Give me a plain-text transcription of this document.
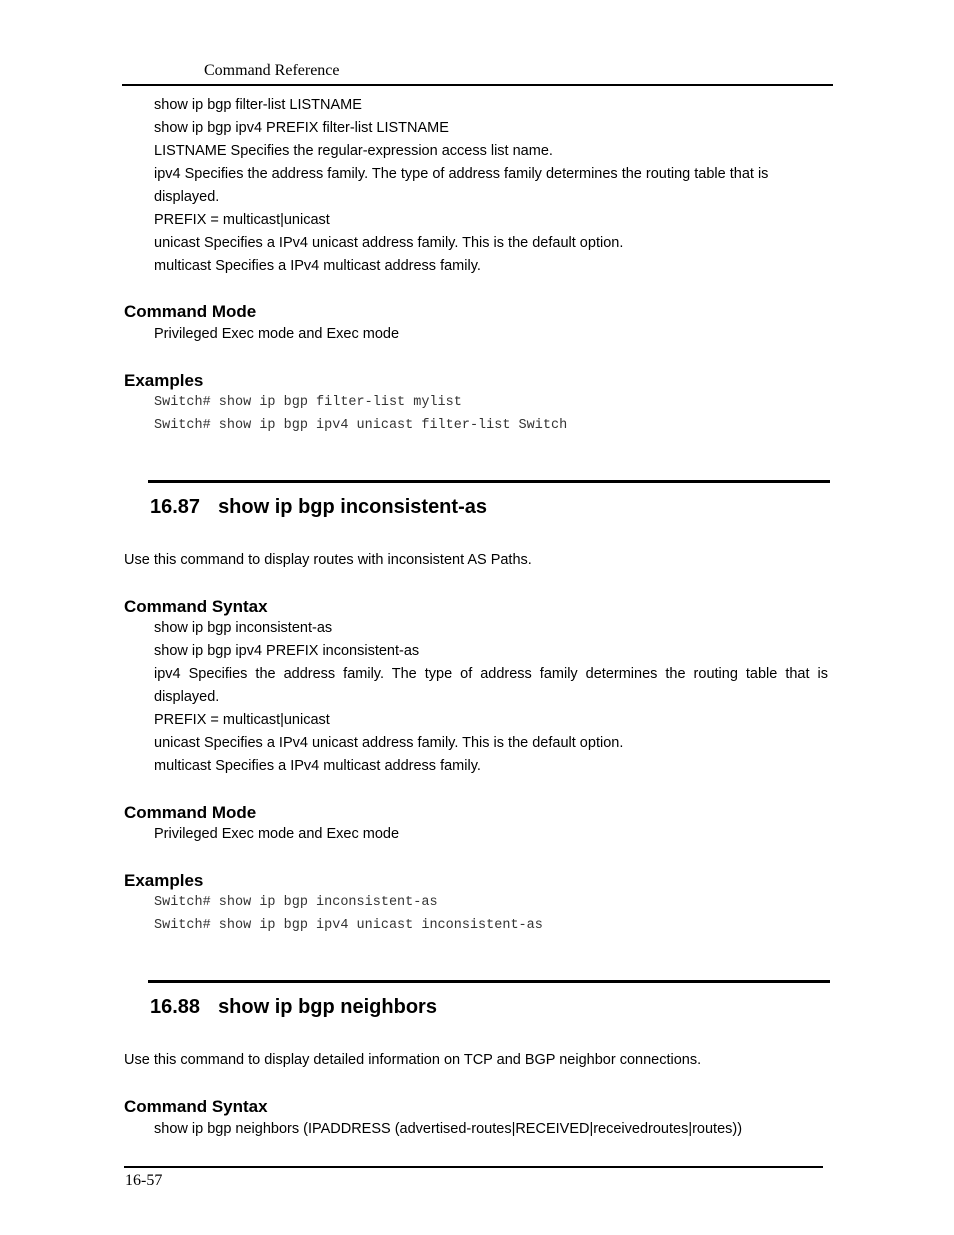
Command Reference
show ip bgp filter-list LISTNAME
show ip bgp ipv4 PREFIX filter-list LISTNAME
LISTNAME Specifies the regular-expression access list name.
ipv4 Specifies the address family. The type of address family determines the routing table that is
displayed.
PREFIX = multicast|unicast
unicast Specifies a IPv4 unicast address family. This is the default option.
multicast Specifies a IPv4 multicast address family.
Command Mode
Privileged Exec mode and Exec mode
Examples
Switch# show ip bgp filter-list mylist
Switch# show ip bgp ipv4 unicast filter-list Switch
16.87 show ip bgp inconsistent-as
Use this command to display routes with inconsistent AS Paths.
Command Syntax
show ip bgp inconsistent-as
show ip bgp ipv4 PREFIX inconsistent-as
ipv4 Specifies the address family. The type of address family determines the routing table that is
displayed.
PREFIX = multicast|unicast
unicast Specifies a IPv4 unicast address family. This is the default option.
multicast Specifies a IPv4 multicast address family.
Command Mode
Privileged Exec mode and Exec mode
Examples
Switch# show ip bgp inconsistent-as
Switch# show ip bgp ipv4 unicast inconsistent-as
16.88 show ip bgp neighbors
Use this command to display detailed information on TCP and BGP neighbor connections.
Command Syntax
show ip bgp neighbors (IPADDRESS (advertised-routes|RECEIVED|receivedroutes|routes))
16-57
